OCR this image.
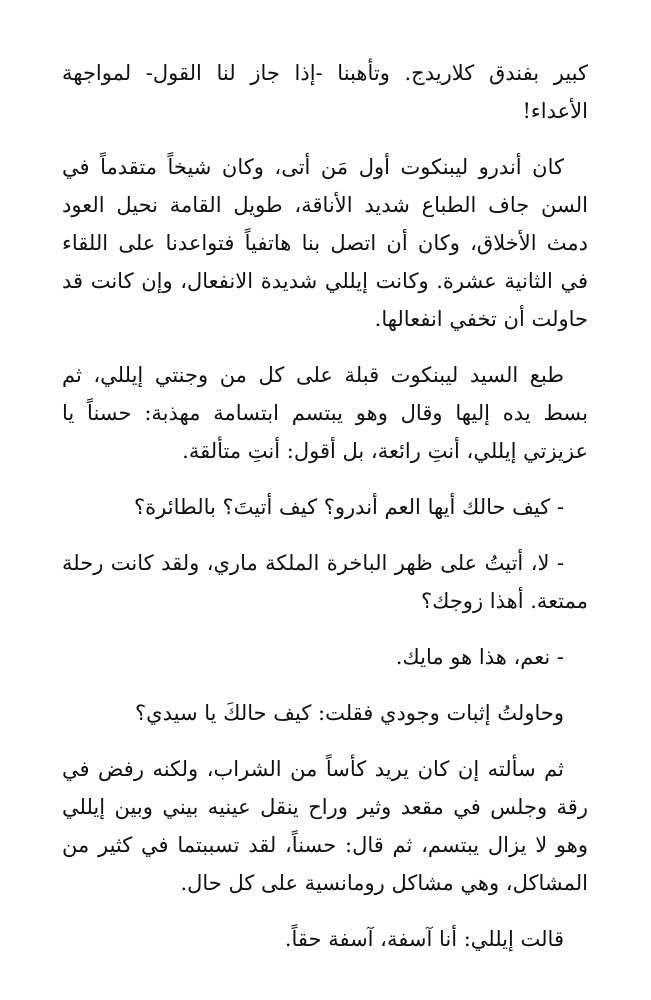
كبير بفندق كلاريدج. وتأهبنا -إذا جاز لنا القول- لمواجهة الأعداء!

كان أندرو ليبنكوت أول مَن أتى، وكان شيخاً متقدماً في السن جاف الطباع شديد الأناقة، طويل القامة نحيل العود دمث الأخلاق، وكان أن اتصل بنا هاتفياً فتواعدنا على اللقاء في الثانية عشرة. وكانت إيللي شديدة الانفعال، وإن كانت قد حاولت أن تخفي انفعالها.

طبع السيد ليبنكوت قبلة على كل من وجنتي إيللي، ثم بسط يده إليها وقال وهو يبتسم ابتسامة مهذبة: حسناً يا عزيزتي إيللي، أنتِ رائعة، بل أقول: أنتِ متألقة.

- كيف حالك أيها العم أندرو؟ كيف أتيتَ؟ بالطائرة؟

- لا، أتيتُ على ظهر الباخرة الملكة ماري، ولقد كانت رحلة ممتعة. أهذا زوجك؟

- نعم، هذا هو مايك.

وحاولتُ إثبات وجودي فقلت: كيف حالكَ يا سيدي؟

ثم سألته إن كان يريد كأساً من الشراب، ولكنه رفض في رقة وجلس في مقعد وثير وراح ينقل عينيه بيني وبين إيللي وهو لا يزال يبتسم، ثم قال: حسناً، لقد تسببتما في كثير من المشاكل، وهي مشاكل رومانسية على كل حال.

قالت إيللي: أنا آسفة، آسفة حقاً.
